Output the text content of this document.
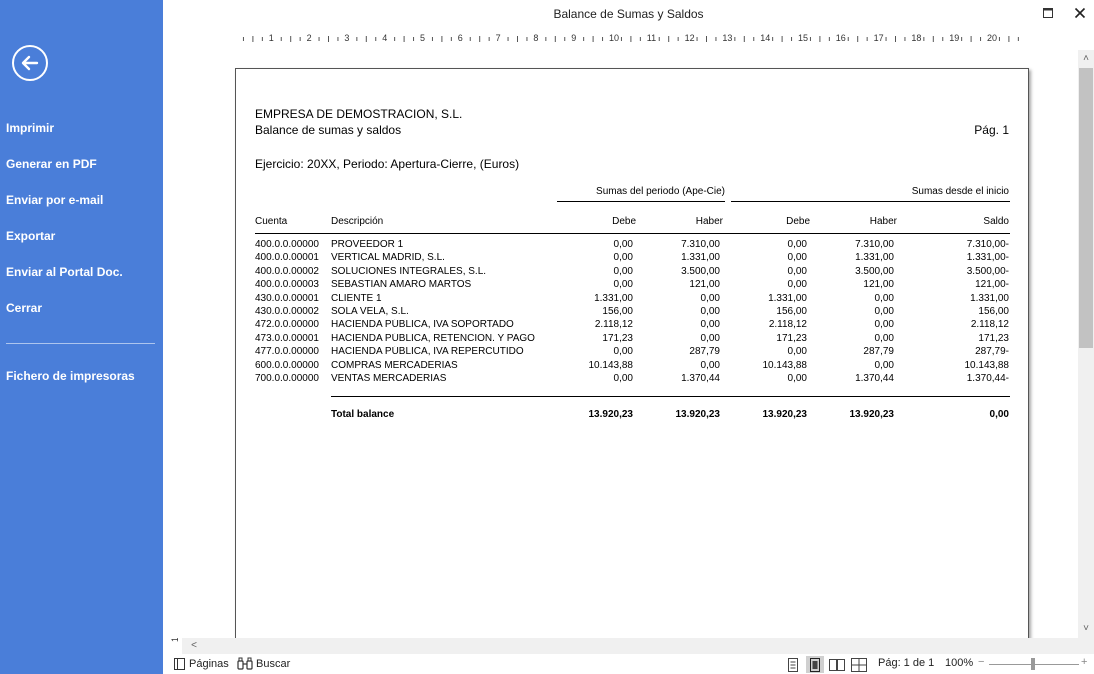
Imprimir
Generar en PDF
Enviar por e-mail
Exportar
Enviar al Portal Doc.
Cerrar
Fichero de impresoras
Balance de Sumas y Saldos
1	2	3	4	5	6	7	8	9	10	11	12	13	14	15	16	17	18	19	20
EMPRESA DE DEMOSTRACION, S.L.
Balance de sumas y saldos	Pág. 1
Ejercicio: 20XX, Periodo: Apertura-Cierre, (Euros)
Sumas del periodo (Ape-Cie)	Sumas desde el inicio
Cuenta	Descripción	Debe	Haber	Debe	Haber	Saldo
400.0.0.00000 PROVEEDOR 1	0,00	7.310,00	0,00	7.310,00	7.310,00-
400.0.0.00001 VERTICAL MADRID, S.L.	0,00	1.331,00	0,00	1.331,00	1.331,00-
400.0.0.00002 SOLUCIONES INTEGRALES, S.L.	0,00	3.500,00	0,00	3.500,00	3.500,00-
400.0.0.00003 SEBASTIAN AMARO MARTOS	0,00	121,00	0,00	121,00	121,00-
430.0.0.00001 CLIENTE 1	1.331,00	0,00	1.331,00	0,00	1.331,00
430.0.0.00002 SOLA VELA, S.L.	156,00	0,00	156,00	0,00	156,00
472.0.0.00000 HACIENDA PÚBLICA, IVA SOPORTADO	2.118,12	0,00	2.118,12	0,00	2.118,12
473.0.0.00001 HACIENDA PÚBLICA, RETENCION. Y PAGO	171,23	0,00	171,23	0,00	171,23
477.0.0.00000 HACIENDA PÚBLICA, IVA REPERCUTIDO	0,00	287,79	0,00	287,79	287,79-
600.0.0.00000 COMPRAS MERCADERIAS	10.143,88	0,00	10.143,88	0,00	10.143,88
700.0.0.00000 VENTAS MERCADERIAS	0,00	1.370,44	0,00	1.370,44	1.370,44-
Total balance	13.920,23	13.920,23	13.920,23	13.920,23	0,00
˄
˅
˂
Páginas Buscar	Pág: 1 de 1 100% −	+
